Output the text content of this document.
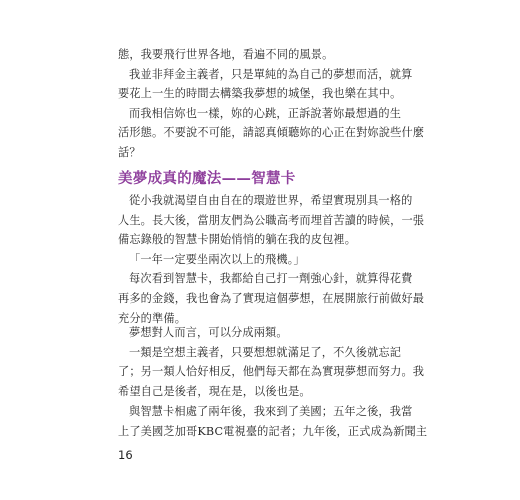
態，我要飛行世界各地，看遍不同的風景。
我並非拜金主義者，只是單純的為自己的夢想而活，就算
要花上一生的時間去構築我夢想的城堡，我也樂在其中。
而我相信妳也一樣，妳的心跳，正訴說著妳最想過的生
活形態。不要說不可能，請認真傾聽妳的心正在對妳說些什麼
話？
美夢成真的魔法——智慧卡
從小我就渴望自由自在的環遊世界，希望實現別具一格的
人生。長大後，當朋友們為公職高考而埋首苦讀的時候，一張
備忘錄般的智慧卡開始悄悄的躺在我的皮包裡。
「一年一定要坐兩次以上的飛機。」
每次看到智慧卡，我都給自己打一劑強心針，就算得花費
再多的金錢，我也會為了實現這個夢想，在展開旅行前做好最
充分的準備。
夢想對人而言，可以分成兩類。
一類是空想主義者，只要想想就滿足了，不久後就忘記
了；另一類人恰好相反，他們每天都在為實現夢想而努力。我
希望自己是後者，現在是，以後也是。
與智慧卡相處了兩年後，我來到了美國；五年之後，我當
上了美國芝加哥KBC電視臺的記者；九年後，正式成為新聞主
16
